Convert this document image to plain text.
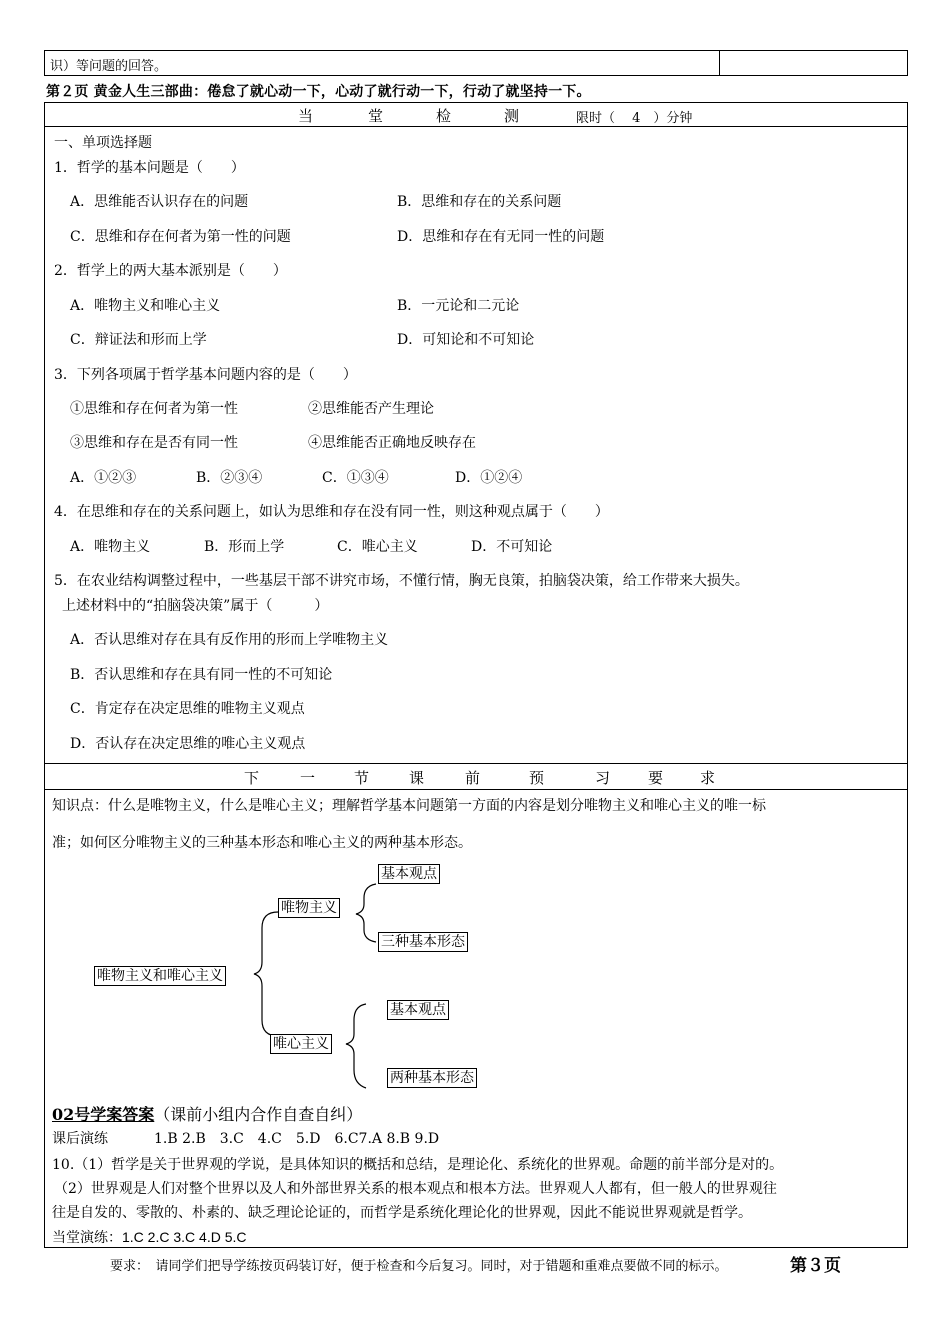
识）等问题的回答。
第２页 黄金人生三部曲：倦怠了就心动一下，心动了就行动一下，行动了就坚持一下。
当	堂	检	测	限时（　 4　）分钟
一、单项选择题
1．哲学的基本问题是（　　）
A．思维能否认识存在的问题	B．思维和存在的关系问题
C．思维和存在何者为第一性的问题	D．思维和存在有无同一性的问题
2．哲学上的两大基本派别是（　　）
A．唯物主义和唯心主义	B．一元论和二元论
C．辩证法和形而上学	D．可知论和不可知论
3．下列各项属于哲学基本问题内容的是（　　）
①思维和存在何者为第一性	②思维能否产生理论
③思维和存在是否有同一性	④思维能否正确地反映存在
A．①②③	B．②③④	C．①③④	D．①②④
4．在思维和存在的关系问题上，如认为思维和存在没有同一性，则这种观点属于（　　）
A．唯物主义	B．形而上学	C．唯心主义	D．不可知论
5．在农业结构调整过程中，一些基层干部不讲究市场，不懂行情，胸无良策，拍脑袋决策，给工作带来大损失。
上述材料中的“拍脑袋决策”属于（　　　）
A．否认思维对存在具有反作用的形而上学唯物主义
B．否认思维和存在具有同一性的不可知论
C．肯定存在决定思维的唯物主义观点
D．否认存在决定思维的唯心主义观点
下	一	节	课	前	预	习	要 求
知识点：什么是唯物主义，什么是唯心主义；理解哲学基本问题第一方面的内容是划分唯物主义和唯心主义的唯一标
准；如何区分唯物主义的三种基本形态和唯心主义的两种基本形态。
唯物主义和唯心主义
唯物主义
基本观点
三种基本形态
唯心主义
基本观点
两种基本形态
02号学案答案（课前小组内合作自查自纠）
课后演练	1.B 2.B　3.C　4.C　5.D　6.C7.A 8.B 9.D
10.（1）哲学是关于世界观的学说，是具体知识的概括和总结，是理论化、系统化的世界观。命题的前半部分是对的。
（2）世界观是人们对整个世界以及人和外部世界关系的根本观点和根本方法。世界观人人都有，但一般人的世界观往
往是自发的、零散的、朴素的、缺乏理论论证的，而哲学是系统化理论化的世界观，因此不能说世界观就是哲学。
当堂演练：1.C 2.C 3.C 4.D 5.C
要求：　请同学们把导学练按页码装订好，便于检查和今后复习。同时，对于错题和重难点要做不同的标示。	第３页
